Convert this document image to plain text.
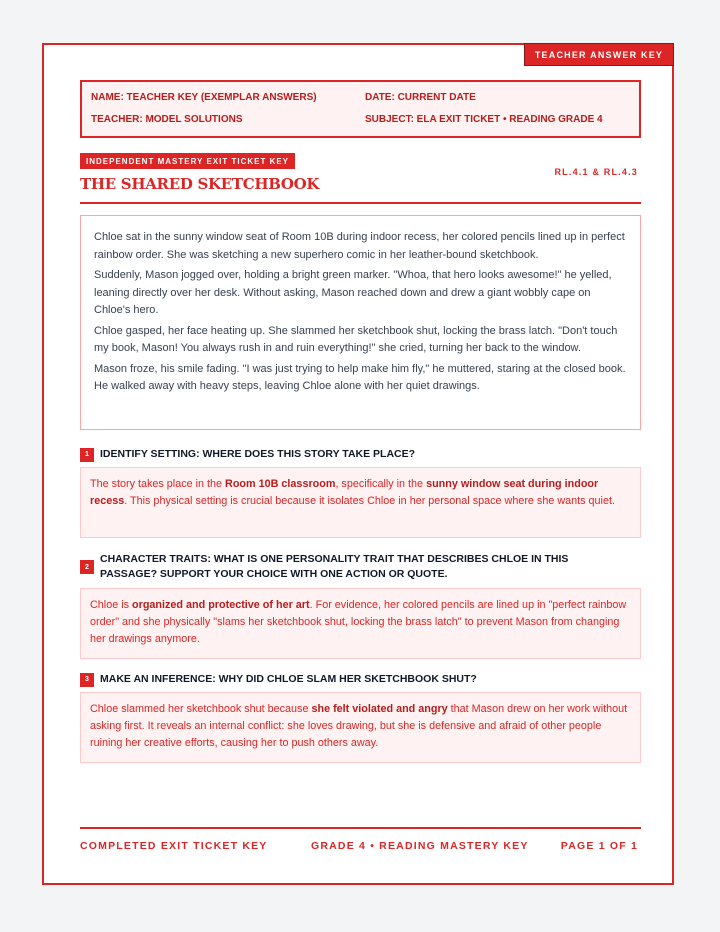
TEACHER ANSWER KEY
NAME: TEACHER KEY (EXEMPLAR ANSWERS)	DATE: CURRENT DATE
TEACHER: MODEL SOLUTIONS	SUBJECT: ELA EXIT TICKET • READING GRADE 4
INDEPENDENT MASTERY EXIT TICKET KEY
RL.4.1 & RL.4.3
THE SHARED SKETCHBOOK

Chloe sat in the sunny window seat of Room 10B during indoor recess, her colored pencils lined up in perfect rainbow order. She was sketching a new superhero comic in her leather-bound sketchbook.

Suddenly, Mason jogged over, holding a bright green marker. "Whoa, that hero looks awesome!" he yelled, leaning directly over her desk. Without asking, Mason reached down and drew a giant wobbly cape on Chloe's hero.

Chloe gasped, her face heating up. She slammed her sketchbook shut, locking the brass latch. "Don't touch my book, Mason! You always rush in and ruin everything!" she cried, turning her back to the window.

Mason froze, his smile fading. "I was just trying to help make him fly," he muttered, staring at the closed book. He walked away with heavy steps, leaving Chloe alone with her quiet drawings.

1	IDENTIFY SETTING: WHERE DOES THIS STORY TAKE PLACE?
The story takes place in the Room 10B classroom, specifically in the sunny window seat during indoor recess. This physical setting is crucial because it isolates Chloe in her personal space where she wants quiet.
2
CHARACTER TRAITS: WHAT IS ONE PERSONALITY TRAIT THAT DESCRIBES CHLOE IN THIS PASSAGE? SUPPORT YOUR CHOICE WITH ONE ACTION OR QUOTE.
Chloe is organized and protective of her art. For evidence, her colored pencils are lined up in "perfect rainbow order" and she physically "slams her sketchbook shut, locking the brass latch" to prevent Mason from changing her drawings anymore.
3	MAKE AN INFERENCE: WHY DID CHLOE SLAM HER SKETCHBOOK SHUT?
Chloe slammed her sketchbook shut because she felt violated and angry that Mason drew on her work without asking first. It reveals an internal conflict: she loves drawing, but she is defensive and afraid of other people ruining her creative efforts, causing her to push others away.
COMPLETED EXIT TICKET KEY	GRADE 4 • READING MASTERY KEY	PAGE 1 OF 1
